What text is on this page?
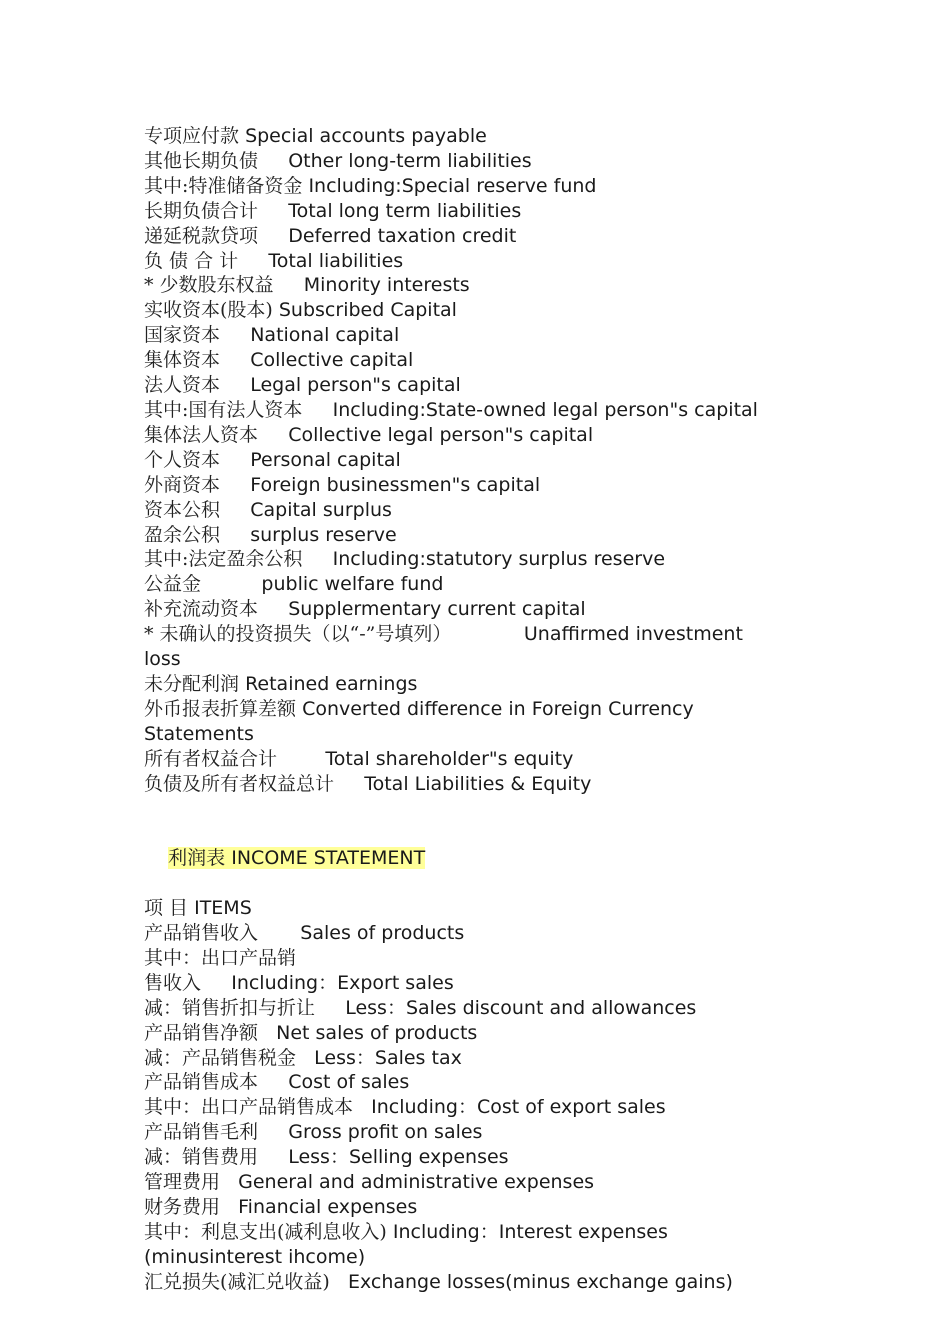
专项应付款 Special accounts payable
其他长期负债 Other long-term liabilities
其中:特准储备资金 Including:Special reserve fund
长期负债合计 Total long term liabilities
递延税款贷项 Deferred taxation credit
负 债 合 计 Total liabilities
* 少数股东权益 Minority interests
实收资本(股本) Subscribed Capital
国家资本 National capital
集体资本 Collective capital
法人资本 Legal person"s capital
其中:国有法人资本 Including:State-owned legal person"s capital
集体法人资本 Collective legal person"s capital
个人资本 Personal capital
外商资本 Foreign businessmen"s capital
资本公积 Capital surplus
盈余公积 surplus reserve
其中:法定盈余公积 Including:statutory surplus reserve
公益金	public welfare fund
补充流动资本 Supplermentary current capital
* 未确认的投资损失（以“-”号填列）	Unaffirmed investment loss
未分配利润 Retained earnings
外币报表折算差额 Converted difference in Foreign Currency Statements
所有者权益合计	Total shareholder"s equity
负债及所有者权益总计 Total Liabilities & Equity

利润表 INCOME STATEMENT

项 目 ITEMS
产品销售收入 Sales of products
其中：出口产品销
售收入 Including：Export sales
减：销售折扣与折让 Less：Sales discount and allowances
产品销售净额 Net sales of products
减：产品销售税金 Less：Sales tax
产品销售成本 Cost of sales
其中：出口产品销售成本 Including：Cost of export sales
产品销售毛利 Gross profit on sales
减：销售费用 Less：Selling expenses
管理费用 General and administrative expenses
财务费用 Financial expenses
其中：利息支出(减利息收入) Including：Interest expenses (minusinterest ihcome)
汇兑损失(减汇兑收益) Exchange losses(minus exchange gains)
